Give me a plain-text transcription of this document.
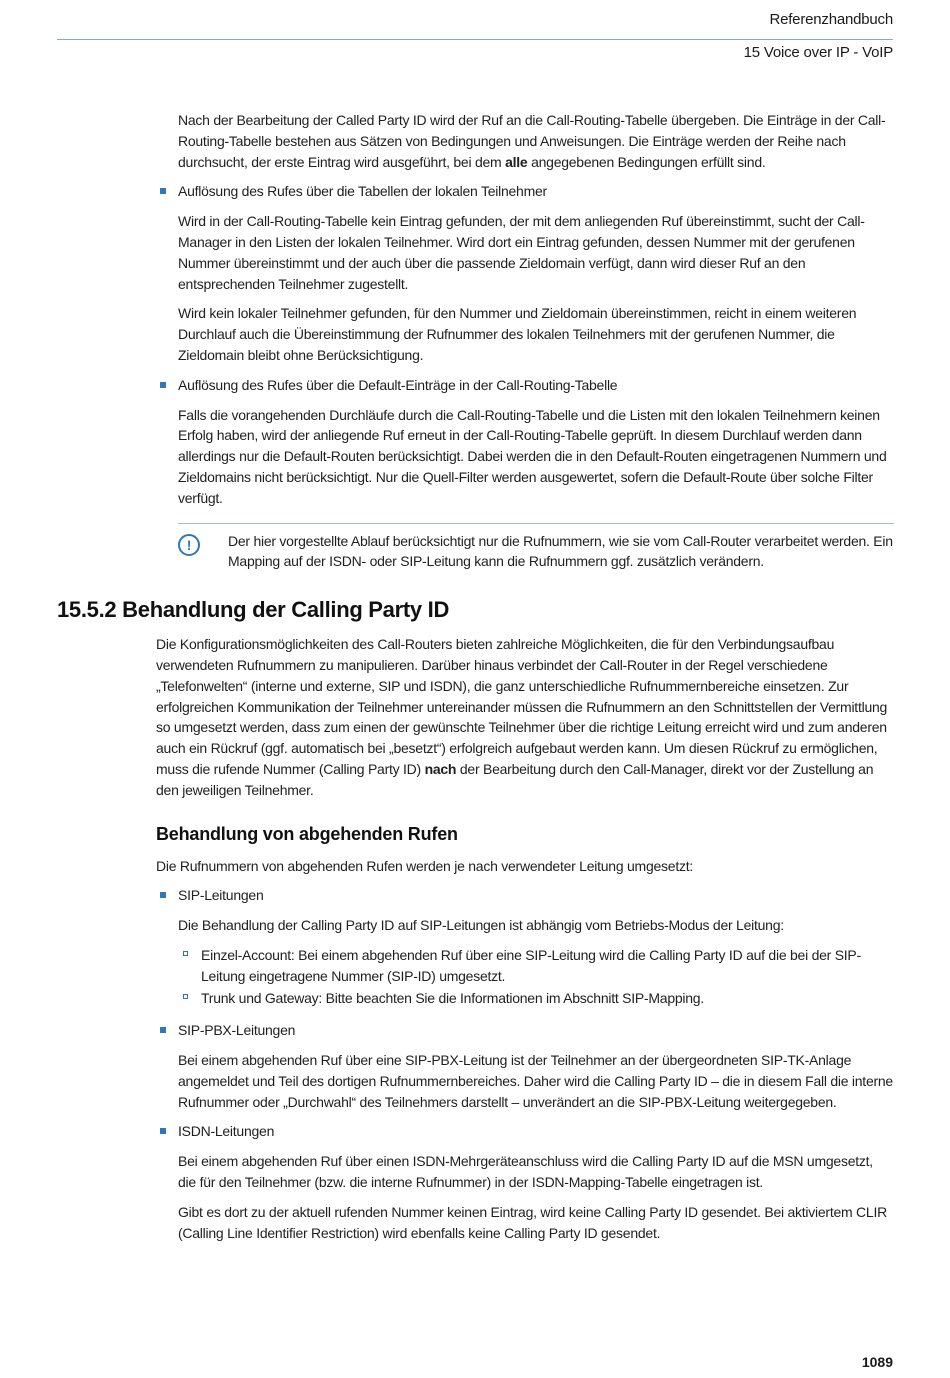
Referenzhandbuch
15 Voice over IP - VoIP

Nach der Bearbeitung der Called Party ID wird der Ruf an die Call-Routing-Tabelle übergeben. Die Einträge in der Call-Routing-Tabelle bestehen aus Sätzen von Bedingungen und Anweisungen. Die Einträge werden der Reihe nach durchsucht, der erste Eintrag wird ausgeführt, bei dem alle angegebenen Bedingungen erfüllt sind.

Auflösung des Rufes über die Tabellen der lokalen Teilnehmer

Wird in der Call-Routing-Tabelle kein Eintrag gefunden, der mit dem anliegenden Ruf übereinstimmt, sucht der Call-Manager in den Listen der lokalen Teilnehmer. Wird dort ein Eintrag gefunden, dessen Nummer mit der gerufenen Nummer übereinstimmt und der auch über die passende Zieldomain verfügt, dann wird dieser Ruf an den entsprechenden Teilnehmer zugestellt.

Wird kein lokaler Teilnehmer gefunden, für den Nummer und Zieldomain übereinstimmen, reicht in einem weiteren Durchlauf auch die Übereinstimmung der Rufnummer des lokalen Teilnehmers mit der gerufenen Nummer, die Zieldomain bleibt ohne Berücksichtigung.

Auflösung des Rufes über die Default-Einträge in der Call-Routing-Tabelle

Falls die vorangehenden Durchläufe durch die Call-Routing-Tabelle und die Listen mit den lokalen Teilnehmern keinen Erfolg haben, wird der anliegende Ruf erneut in der Call-Routing-Tabelle geprüft. In diesem Durchlauf werden dann allerdings nur die Default-Routen berücksichtigt. Dabei werden die in den Default-Routen eingetragenen Nummern und Zieldomains nicht berücksichtigt. Nur die Quell-Filter werden ausgewertet, sofern die Default-Route über solche Filter verfügt.

!	Der hier vorgestellte Ablauf berücksichtigt nur die Rufnummern, wie sie vom Call-Router verarbeitet werden. Ein Mapping auf der ISDN- oder SIP-Leitung kann die Rufnummern ggf. zusätzlich verändern.
15.5.2 Behandlung der Calling Party ID

Die Konfigurationsmöglichkeiten des Call-Routers bieten zahlreiche Möglichkeiten, die für den Verbindungsaufbau verwendeten Rufnummern zu manipulieren. Darüber hinaus verbindet der Call-Router in der Regel verschiedene „Telefonwelten“ (interne und externe, SIP und ISDN), die ganz unterschiedliche Rufnummernbereiche einsetzen. Zur erfolgreichen Kommunikation der Teilnehmer untereinander müssen die Rufnummern an den Schnittstellen der Vermittlung so umgesetzt werden, dass zum einen der gewünschte Teilnehmer über die richtige Leitung erreicht wird und zum anderen auch ein Rückruf (ggf. automatisch bei „besetzt“) erfolgreich aufgebaut werden kann. Um diesen Rückruf zu ermöglichen, muss die rufende Nummer (Calling Party ID) nach der Bearbeitung durch den Call-Manager, direkt vor der Zustellung an den jeweiligen Teilnehmer.

Behandlung von abgehenden Rufen

Die Rufnummern von abgehenden Rufen werden je nach verwendeter Leitung umgesetzt:

SIP-Leitungen

Die Behandlung der Calling Party ID auf SIP-Leitungen ist abhängig vom Betriebs-Modus der Leitung:

Einzel-Account: Bei einem abgehenden Ruf über eine SIP-Leitung wird die Calling Party ID auf die bei der SIP-Leitung eingetragene Nummer (SIP-ID) umgesetzt.
Trunk und Gateway: Bitte beachten Sie die Informationen im Abschnitt SIP-Mapping.
SIP-PBX-Leitungen

Bei einem abgehenden Ruf über eine SIP-PBX-Leitung ist der Teilnehmer an der übergeordneten SIP-TK-Anlage angemeldet und Teil des dortigen Rufnummernbereiches. Daher wird die Calling Party ID – die in diesem Fall die interne Rufnummer oder „Durchwahl“ des Teilnehmers darstellt – unverändert an die SIP-PBX-Leitung weitergegeben.

ISDN-Leitungen

Bei einem abgehenden Ruf über einen ISDN-Mehrgeräteanschluss wird die Calling Party ID auf die MSN umgesetzt, die für den Teilnehmer (bzw. die interne Rufnummer) in der ISDN-Mapping-Tabelle eingetragen ist.

Gibt es dort zu der aktuell rufenden Nummer keinen Eintrag, wird keine Calling Party ID gesendet. Bei aktiviertem CLIR (Calling Line Identifier Restriction) wird ebenfalls keine Calling Party ID gesendet.

1089
